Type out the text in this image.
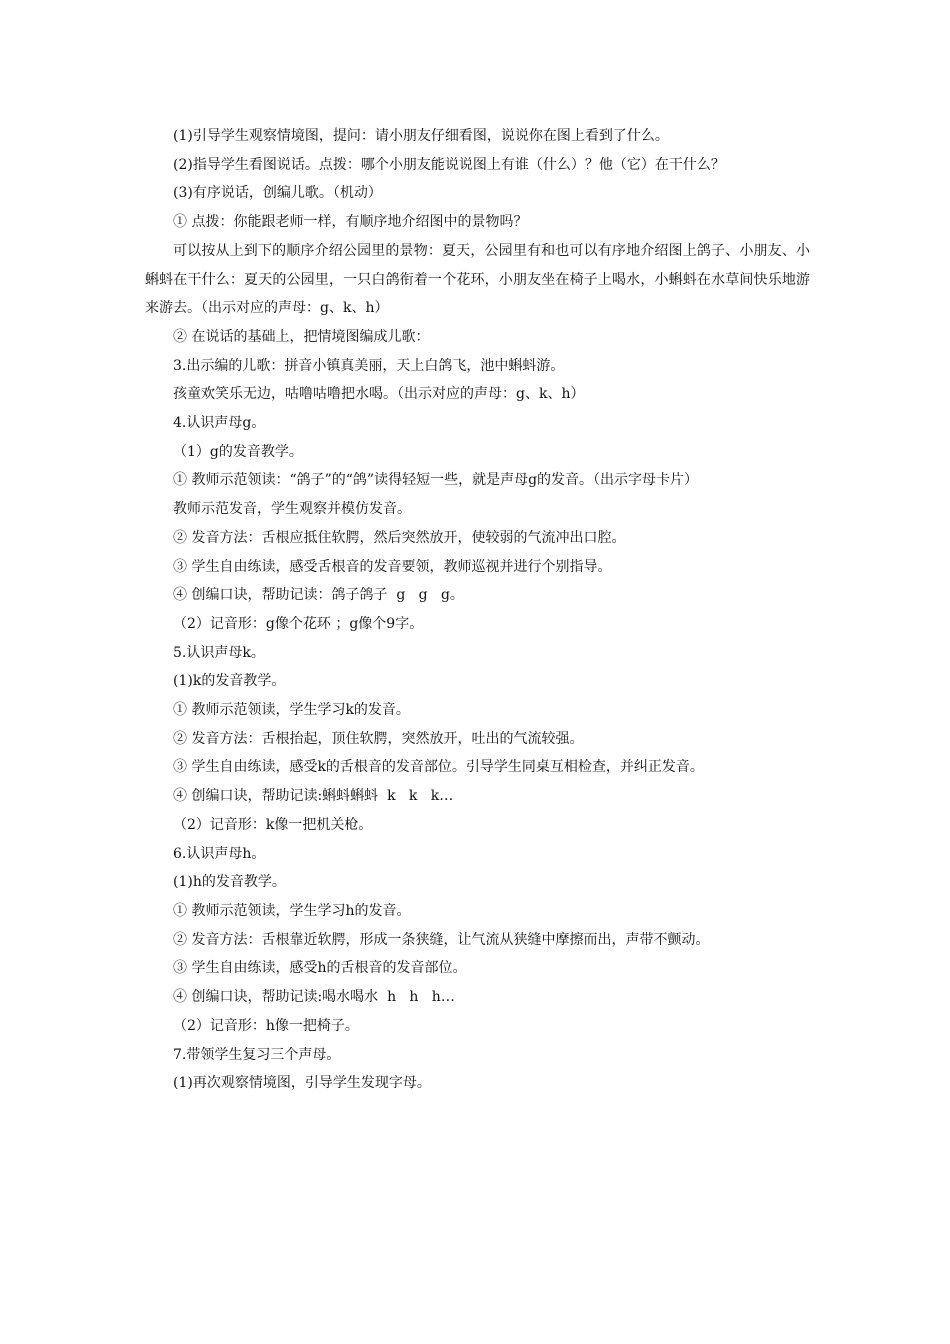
(1)引导学生观察情境图，提问：请小朋友仔细看图，说说你在图上看到了什么。

(2)指导学生看图说话。点拨：哪个小朋友能说说图上有谁（什么）？他（它）在干什么？

(3)有序说话，创编儿歌。（机动）

① 点拨：你能跟老师一样，有顺序地介绍图中的景物吗？

可以按从上到下的顺序介绍公园里的景物：夏天，公园里有和也可以有序地介绍图上鸽子、小朋友、小蝌蚪在干什么：夏天的公园里，一只白鸽衔着一个花环，小朋友坐在椅子上喝水，小蝌蚪在水草间快乐地游来游去。（出示对应的声母：g、k、h）

② 在说话的基础上，把情境图编成儿歌：

3.出示编的儿歌：拼音小镇真美丽，天上白鸽飞，池中蝌蚪游。

孩童欢笑乐无边，咕噜咕噜把水喝。（出示对应的声母：g、k、h）

4.认识声母g。

（1）g的发音教学。

① 教师示范领读：“鸽子”的“鸽”读得轻短一些，就是声母g的发音。（出示字母卡片）

教师示范发音，学生观察并模仿发音。

② 发音方法：舌根应抵住软腭，然后突然放开，使较弱的气流冲出口腔。

③ 学生自由练读，感受舌根音的发音要领，教师巡视并进行个别指导。

④ 创编口诀，帮助记读：鸽子鸽子  g   g   g。

（2）记音形：g像个花环 ；g像个9字。

5.认识声母k。

(1)k的发音教学。

① 教师示范领读，学生学习k的发音。

② 发音方法：舌根抬起，顶住软腭，突然放开，吐出的气流较强。

③ 学生自由练读，感受k的舌根音的发音部位。引导学生同桌互相检查，并纠正发音。

④ 创编口诀，帮助记读:蝌蚪蝌蚪  k   k   k…

（2）记音形：k像一把机关枪。

6.认识声母h。

(1)h的发音教学。

① 教师示范领读，学生学习h的发音。

② 发音方法：舌根靠近软腭，形成一条狭缝，让气流从狭缝中摩擦而出，声带不颤动。

③ 学生自由练读，感受h的舌根音的发音部位。

④ 创编口诀，帮助记读:喝水喝水  h   h   h…

（2）记音形：h像一把椅子。

7.带领学生复习三个声母。

(1)再次观察情境图，引导学生发现字母。
